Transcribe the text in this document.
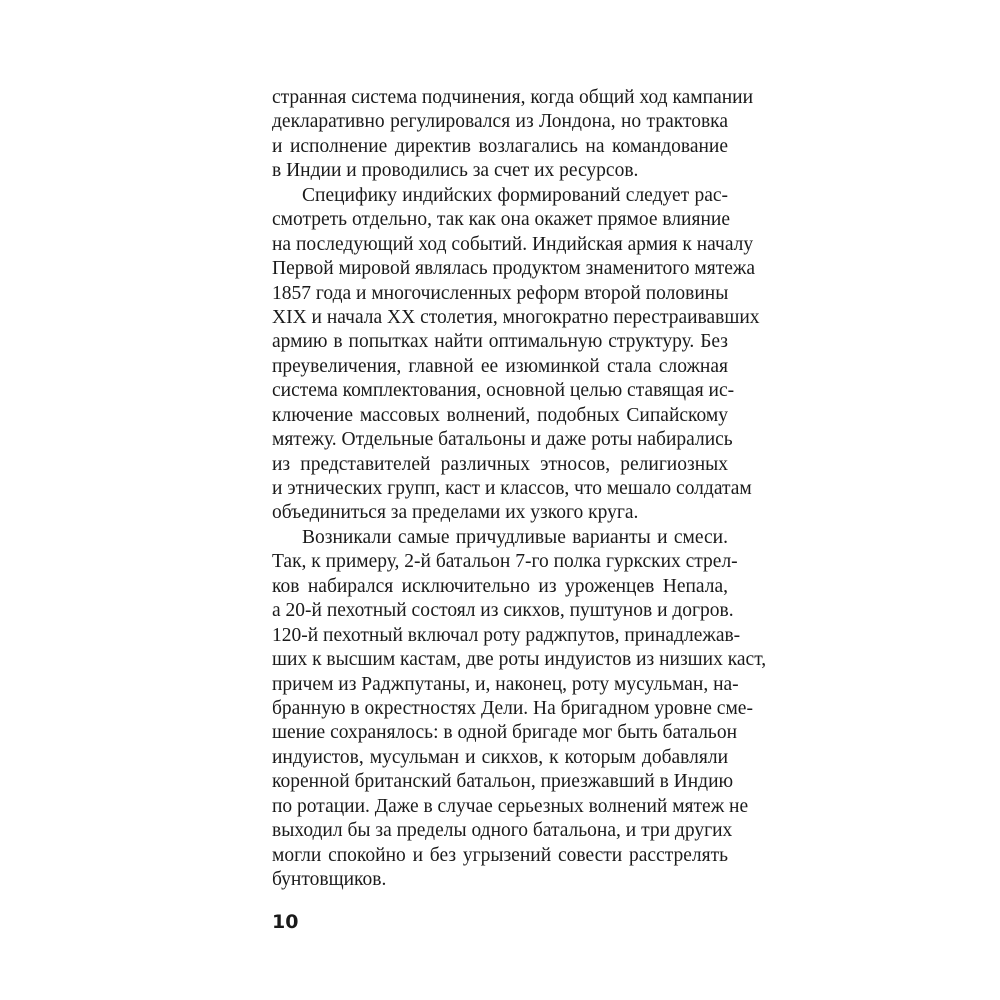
странная система подчинения, когда общий ход кампании
декларативно регулировался из Лондона, но трактовка
и исполнение директив возлагались на командование
в Индии и проводились за счет их ресурсов.
Специфику индийских формирований следует рас-
смотреть отдельно, так как она окажет прямое влияние
на последующий ход событий. Индийская армия к началу
Первой мировой являлась продуктом знаменитого мятежа
1857 года и многочисленных реформ второй половины
XIX и начала XX столетия, многократно перестраивавших
армию в попытках найти оптимальную структуру. Без
преувеличения, главной ее изюминкой стала сложная
система комплектования, основной целью ставящая ис-
ключение массовых волнений, подобных Сипайскому
мятежу. Отдельные батальоны и даже роты набирались
из представителей различных этносов, религиозных
и этнических групп, каст и классов, что мешало солдатам
объединиться за пределами их узкого круга.
Возникали самые причудливые варианты и смеси.
Так, к примеру, 2-й батальон 7-го полка гуркских стрел-
ков набирался исключительно из уроженцев Непала,
а 20-й пехотный состоял из сикхов, пуштунов и догров.
120-й пехотный включал роту раджпутов, принадлежав-
ших к высшим кастам, две роты индуистов из низших каст,
причем из Раджпутаны, и, наконец, роту мусульман, на-
бранную в окрестностях Дели. На бригадном уровне сме-
шение сохранялось: в одной бригаде мог быть батальон
индуистов, мусульман и сикхов, к которым добавляли
коренной британский батальон, приезжавший в Индию
по ротации. Даже в случае серьезных волнений мятеж не
выходил бы за пределы одного батальона, и три других
могли спокойно и без угрызений совести расстрелять
бунтовщиков.
10
